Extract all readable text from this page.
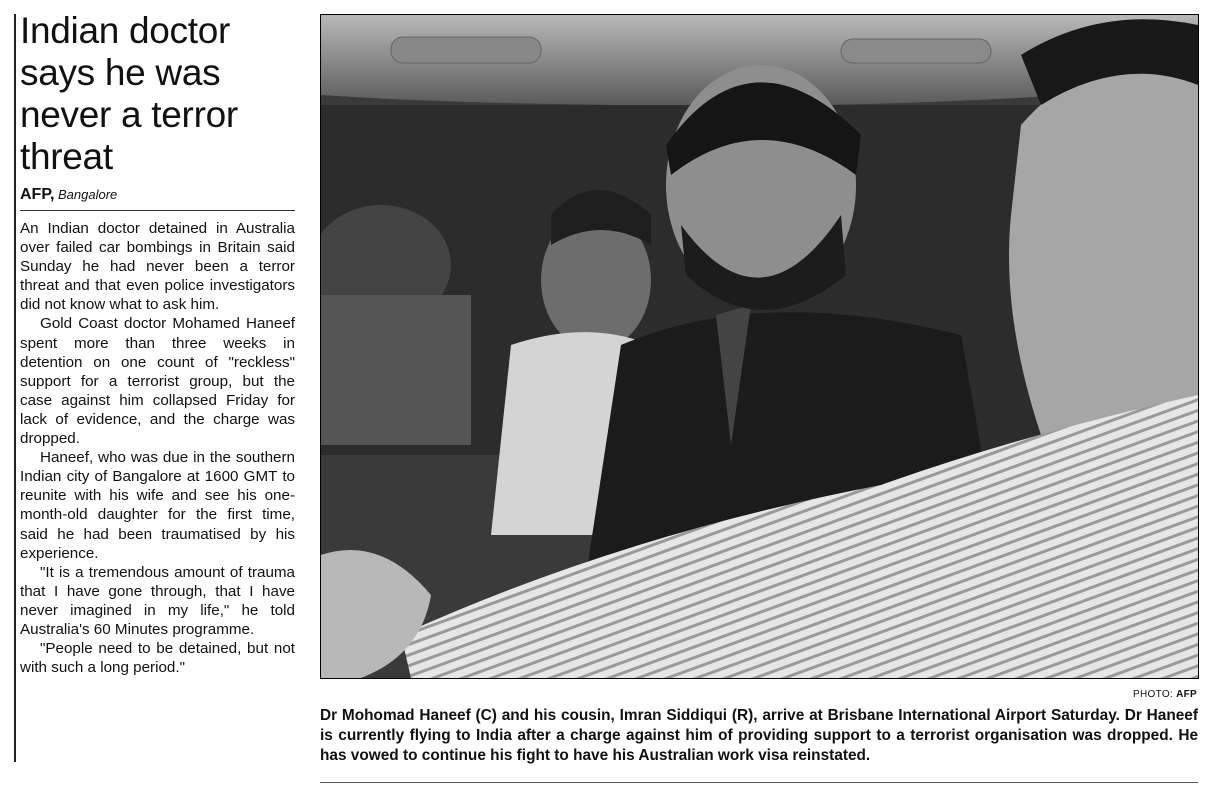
Indian doctor says he was never a terror threat
AFP, Bangalore

An Indian doctor detained in Australia over failed car bombings in Britain said Sunday he had never been a terror threat and that even police investigators did not know what to ask him.

Gold Coast doctor Mohamed Haneef spent more than three weeks in detention on one count of "reckless" support for a terrorist group, but the case against him collapsed Friday for lack of evidence, and the charge was dropped.

Haneef, who was due in the southern Indian city of Bangalore at 1600 GMT to reunite with his wife and see his one-month-old daughter for the first time, said he had been traumatised by his experience.

"It is a tremendous amount of trauma that I have gone through, that I have never imagined in my life," he told Australia's 60 Minutes programme.

"People need to be detained, but not with such a long period."

PHOTO: AFP
Dr Mohomad Haneef (C) and his cousin, Imran Siddiqui (R), arrive at Brisbane International Airport Saturday. Dr Haneef is currently flying to India after a charge against him of providing support to a terrorist organisation was dropped. He has vowed to continue his fight to have his Australian work visa reinstated.
